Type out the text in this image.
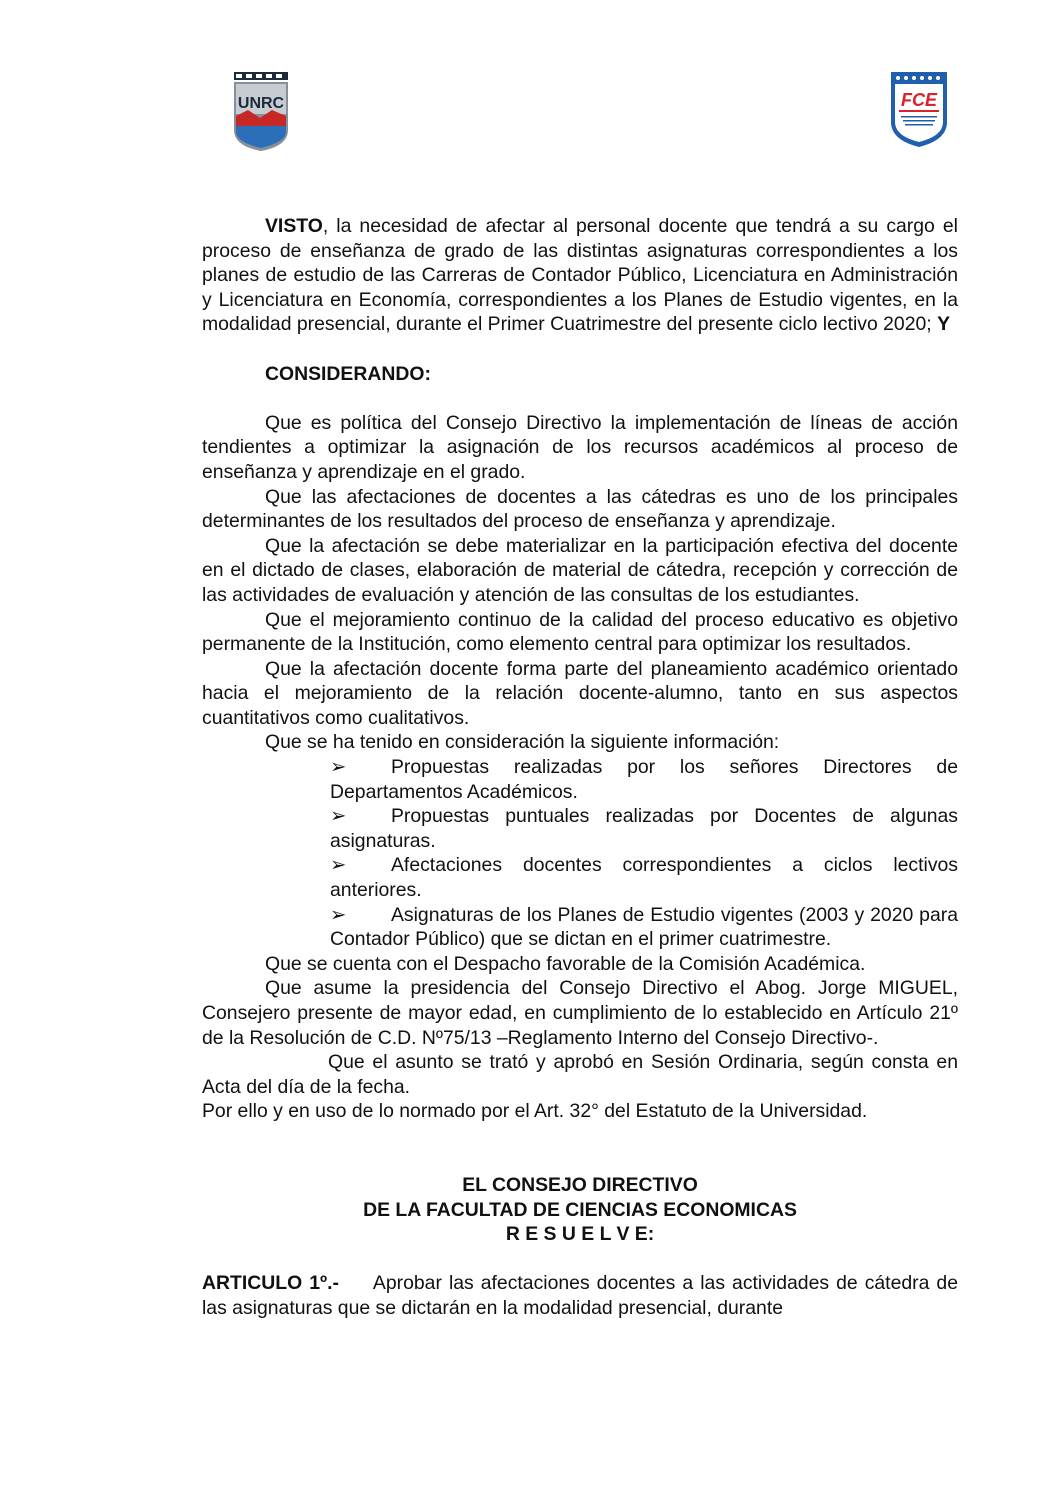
UNRC	FCE

VISTO, la necesidad de afectar al personal docente que tendrá a su cargo el proceso de enseñanza de grado de las distintas asignaturas correspondientes a los planes de estudio de las Carreras de Contador Público, Licenciatura en Administración y Licenciatura en Economía, correspondientes a los Planes de Estudio vigentes, en la modalidad presencial, durante el Primer Cuatrimestre del presente ciclo lectivo 2020; Y

CONSIDERANDO:

Que es política del Consejo Directivo la implementación de líneas de acción tendientes a optimizar la asignación de los recursos académicos al proceso de enseñanza y aprendizaje en el grado.

Que las afectaciones de docentes a las cátedras es uno de los principales determinantes de los resultados del proceso de enseñanza y aprendizaje.

Que la afectación se debe materializar en la participación efectiva del docente en el dictado de clases, elaboración de material de cátedra, recepción y corrección de las actividades de evaluación y atención de las consultas de los estudiantes.

Que el mejoramiento continuo de la calidad del proceso educativo es objetivo permanente de la Institución, como elemento central para optimizar los resultados.

Que la afectación docente forma parte del planeamiento académico orientado hacia el mejoramiento de la relación docente-alumno, tanto en sus aspectos cuantitativos como cualitativos.

Que se ha tenido en consideración la siguiente información:

➢	Propuestas realizadas por los señores Directores de Departamentos Académicos.
➢	Propuestas puntuales realizadas por Docentes de algunas asignaturas.
➢	Afectaciones docentes correspondientes a ciclos lectivos anteriores.
➢	Asignaturas de los Planes de Estudio vigentes (2003 y 2020 para Contador Público) que se dictan en el primer cuatrimestre.

Que se cuenta con el Despacho favorable de la Comisión Académica.

Que asume la presidencia del Consejo Directivo el Abog. Jorge MIGUEL, Consejero presente de mayor edad, en cumplimiento de lo establecido en Artículo 21º de la Resolución de C.D. Nº75/13 –Reglamento Interno del Consejo Directivo-.

Que el asunto se trató y aprobó en Sesión Ordinaria, según consta en Acta del día de la fecha.

Por ello y en uso de lo normado por el Art. 32° del Estatuto de la Universidad.

EL CONSEJO DIRECTIVO

DE LA FACULTAD DE CIENCIAS ECONOMICAS

R E S U E L V E:

ARTICULO 1º.- Aprobar las afectaciones docentes a las actividades de cátedra de las asignaturas que se dictarán en la modalidad presencial, durante
